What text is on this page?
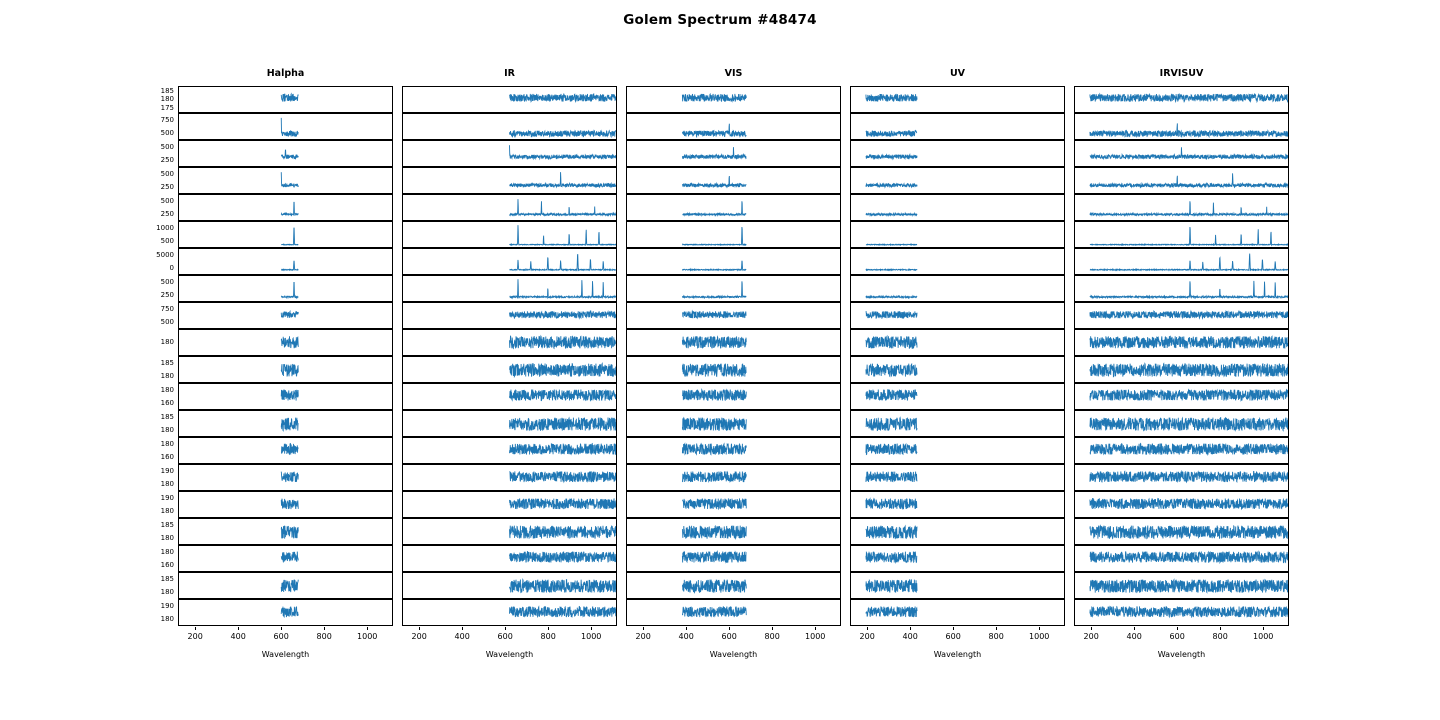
Golem Spectrum #48474
Halpha	IR	VIS	UV	IRVISUV
185
180
175
750
500
500
250
500
250
500
250
1000
500
5000
0
500
250
750
500
180
185
180
180
160
185
180
180
160
190
180
190
180
185
180
180
160
185
180
190
180
200	400	600	800	1000
Wavelength
200	400	600	800	1000
Wavelength
200	400	600	800	1000
Wavelength
200	400	600	800	1000
Wavelength
200	400	600	800	1000
Wavelength
